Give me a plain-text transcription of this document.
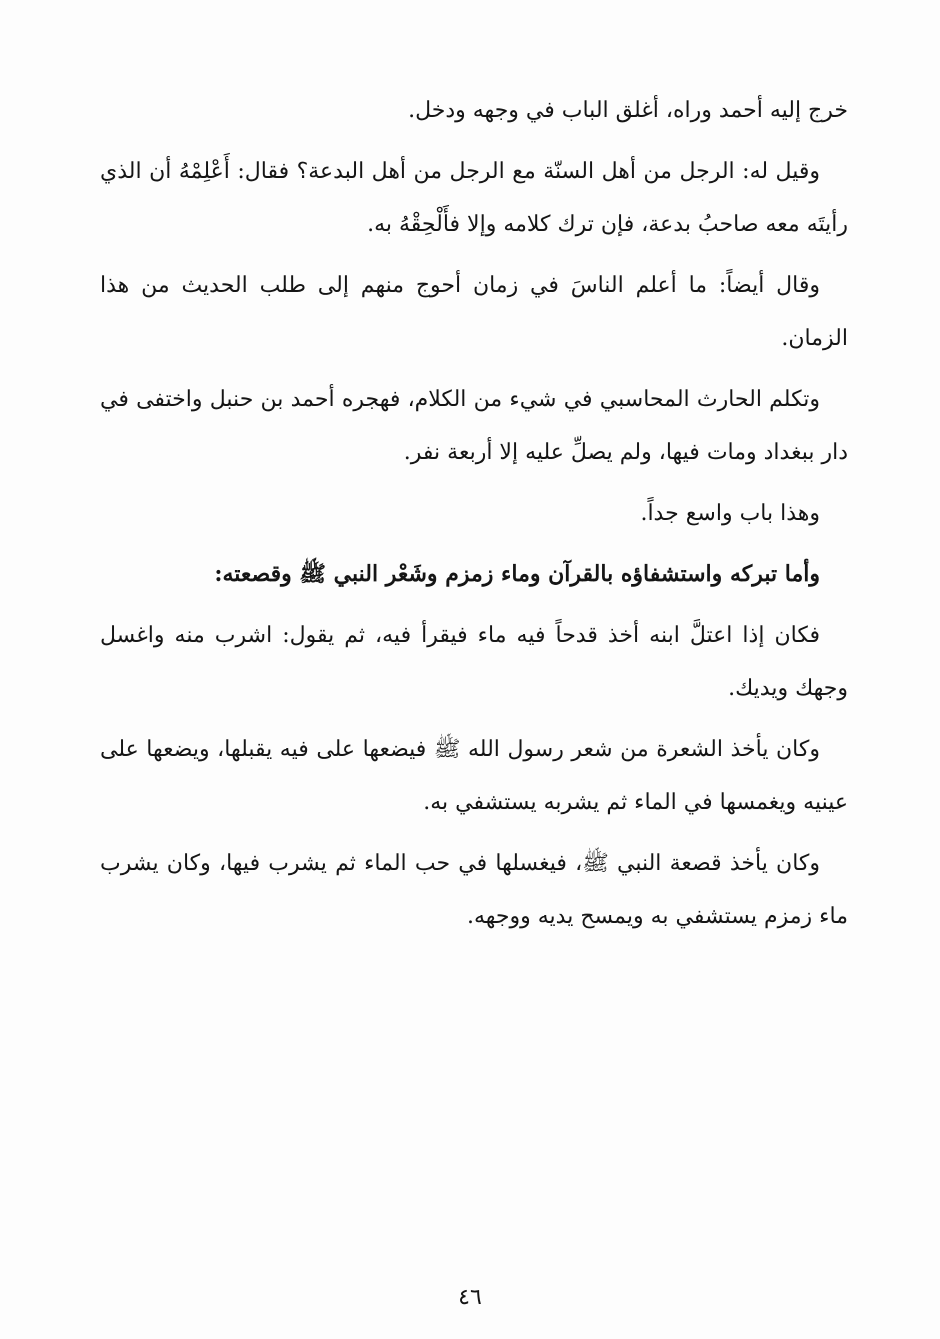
خرج إليه أحمد وراه، أغلق الباب في وجهه ودخل.

وقيل له: الرجل من أهل السنّة مع الرجل من أهل البدعة؟ فقال: أَعْلِمْهُ أن الذي رأيتَه معه صاحبُ بدعة، فإن ترك كلامه وإلا فأَلْحِقْهُ به.

وقال أيضاً: ما أعلم الناسَ في زمان أحوج منهم إلى طلب الحديث من هذا الزمان.

وتكلم الحارث المحاسبي في شيء من الكلام، فهجره أحمد بن حنبل واختفى في دار ببغداد ومات فيها، ولم يصلِّ عليه إلا أربعة نفر.

وهذا باب واسع جداً.

وأما تبركه واستشفاؤه بالقرآن وماء زمزم وشَعْر النبي ﷺ وقصعته:

فكان إذا اعتلَّ ابنه أخذ قدحاً فيه ماء فيقرأ فيه، ثم يقول: اشرب منه واغسل وجهك ويديك.

وكان يأخذ الشعرة من شعر رسول الله ﷺ فيضعها على فيه يقبلها، ويضعها على عينيه ويغمسها في الماء ثم يشربه يستشفي به.

وكان يأخذ قصعة النبي ﷺ، فيغسلها في حب الماء ثم يشرب فيها، وكان يشرب ماء زمزم يستشفي به ويمسح يديه ووجهه.

٤٦
